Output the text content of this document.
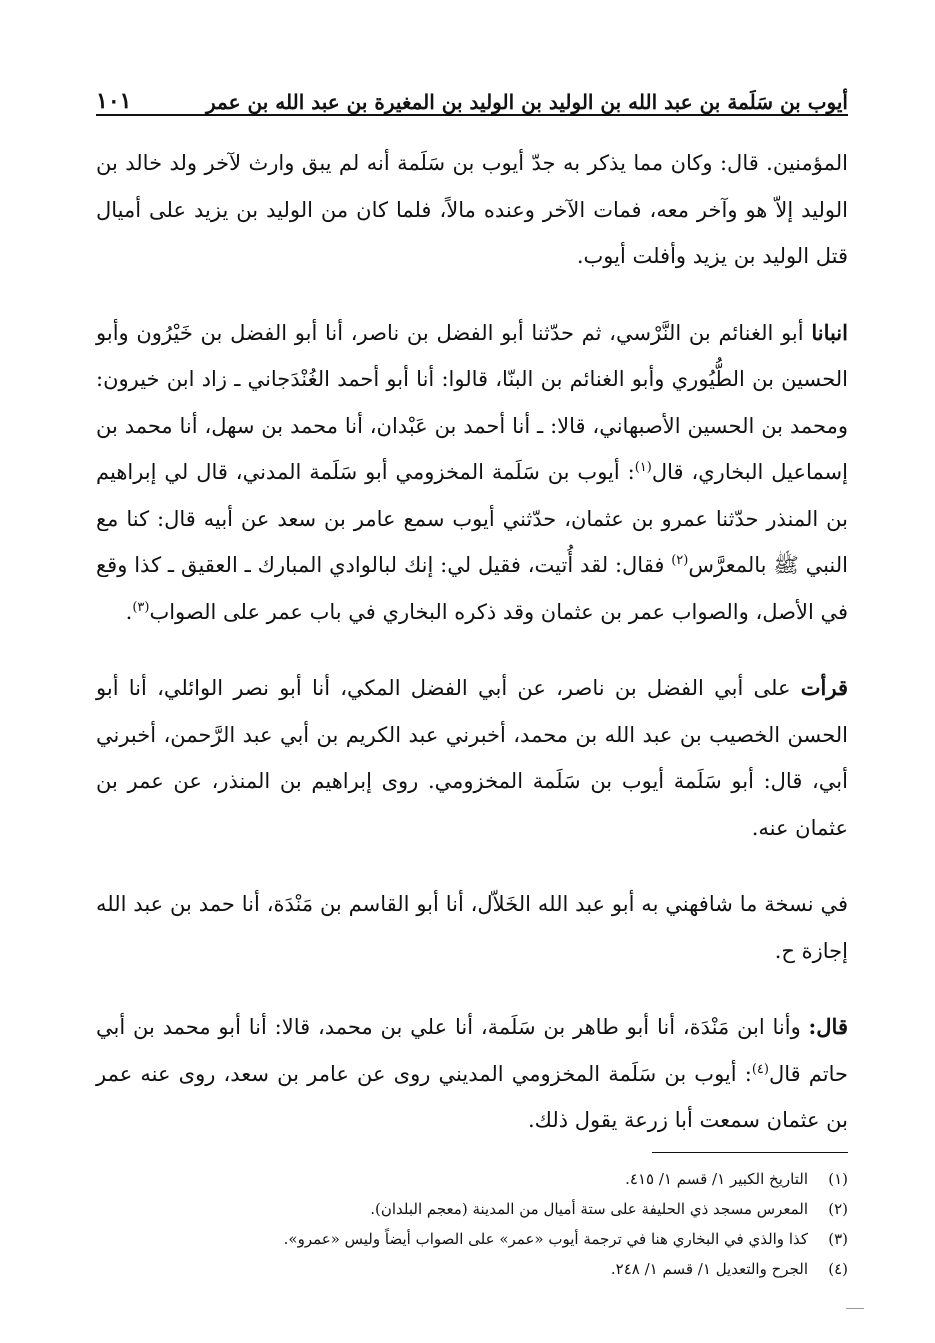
أيوب بن سَلَمة بن عبد الله بن الوليد بن الوليد بن المغيرة بن عبد الله بن عمر
١٠١

المؤمنين. قال: وكان مما يذكر به جدّ أيوب بن سَلَمة أنه لم يبق وارث لآخر ولد خالد بن الوليد إلاّ هو وآخر معه، فمات الآخر وعنده مالاً، فلما كان من الوليد بن يزيد على أميال قتل الوليد بن يزيد وأفلت أيوب.

انبانا أبو الغنائم بن النَّرْسي، ثم حدّثنا أبو الفضل بن ناصر، أنا أبو الفضل بن خَيْرُون وأبو الحسين بن الطُّيُوري وأبو الغنائم بن البنّا، قالوا: أنا أبو أحمد الغُنْدَجاني ـ زاد ابن خيرون: ومحمد بن الحسين الأصبهاني، قالا: ـ أنا أحمد بن عَبْدان، أنا محمد بن سهل، أنا محمد بن إسماعيل البخاري، قال$^{(١)}$: أيوب بن سَلَمة المخزومي أبو سَلَمة المدني، قال لي إبراهيم بن المنذر حدّثنا عمرو بن عثمان، حدّثني أيوب سمع عامر بن سعد عن أبيه قال: كنا مع النبي ﷺ بالمعرَّس$^{(٢)}$ فقال: لقد أُتيت، فقيل لي: إنك لبالوادي المبارك ـ العقيق ـ كذا وقع في الأصل، والصواب عمر بن عثمان وقد ذكره البخاري في باب عمر على الصواب$^{(٣)}$.

قرأت على أبي الفضل بن ناصر، عن أبي الفضل المكي، أنا أبو نصر الوائلي، أنا أبو الحسن الخصيب بن عبد الله بن محمد، أخبرني عبد الكريم بن أبي عبد الرَّحمن، أخبرني أبي، قال: أبو سَلَمة أيوب بن سَلَمة المخزومي. روى إبراهيم بن المنذر، عن عمر بن عثمان عنه.

في نسخة ما شافهني به أبو عبد الله الخَلاّل، أنا أبو القاسم بن مَنْدَة، أنا حمد بن عبد الله إجازة ح.

قال: وأنا ابن مَنْدَة، أنا أبو طاهر بن سَلَمة، أنا علي بن محمد، قالا: أنا أبو محمد بن أبي حاتم قال$^{(٤)}$: أيوب بن سَلَمة المخزومي المديني روى عن عامر بن سعد، روى عنه عمر بن عثمان سمعت أبا زرعة يقول ذلك.

(١)
التاريخ الكبير ١/ قسم ١/ ٤١٥.
(٢)
المعرس مسجد ذي الحليفة على ستة أميال من المدينة (معجم البلدان).
(٣)
كذا والذي في البخاري هنا في ترجمة أيوب «عمر» على الصواب أيضاً وليس «عمرو».
(٤)
الجرح والتعديل ١/ قسم ١/ ٢٤٨.
